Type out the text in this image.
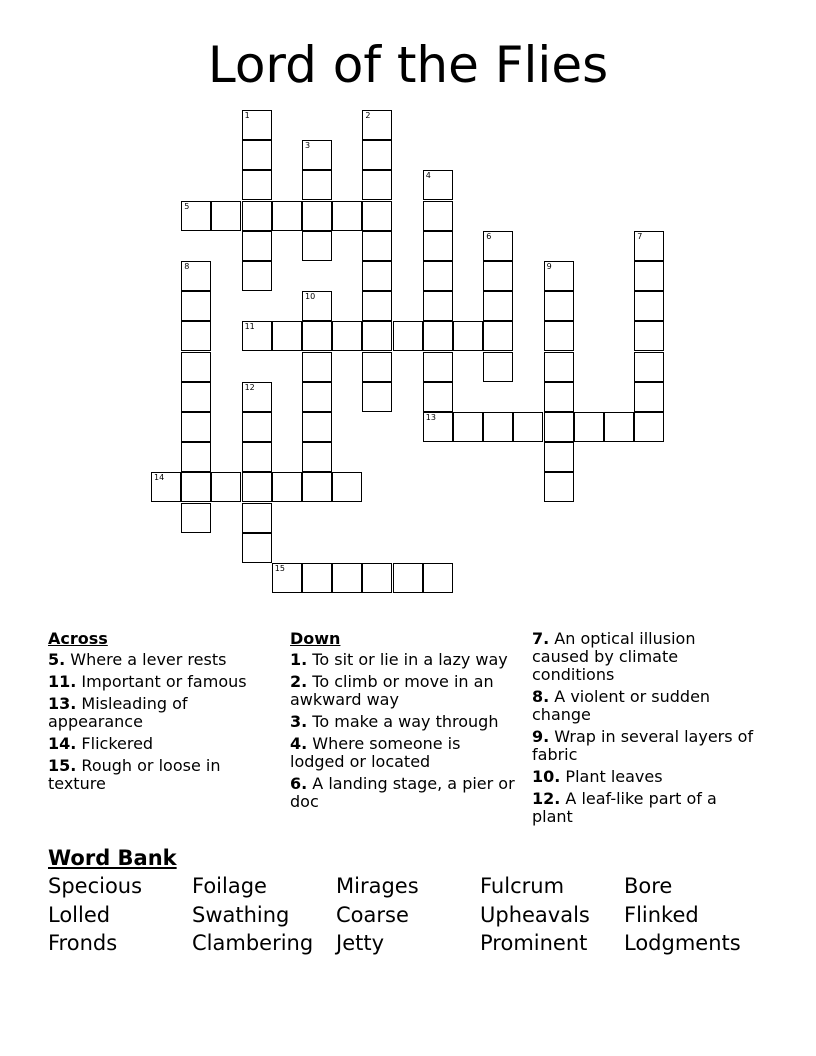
Lord of the Flies
1	2
3
4
5
6	7
8	9
10
11
12
13
14
15
Across
5. Where a lever rests
11. Important or famous
13. Misleading of appearance
14. Flickered
15. Rough or loose in texture
Down
1. To sit or lie in a lazy way
2. To climb or move in an awkward way
3. To make a way through
4. Where someone is lodged or located
6. A landing stage, a pier or doc
7. An optical illusion caused by climate conditions
8. A violent or sudden change
9. Wrap in several layers of fabric
10. Plant leaves
12. A leaf-like part of a plant
Word Bank
Specious Foilage	Mirages	Fulcrum	Bore
Lolled	Swathing Coarse	Upheavals Flinked
Fronds	Clambering Jetty	Prominent Lodgments
